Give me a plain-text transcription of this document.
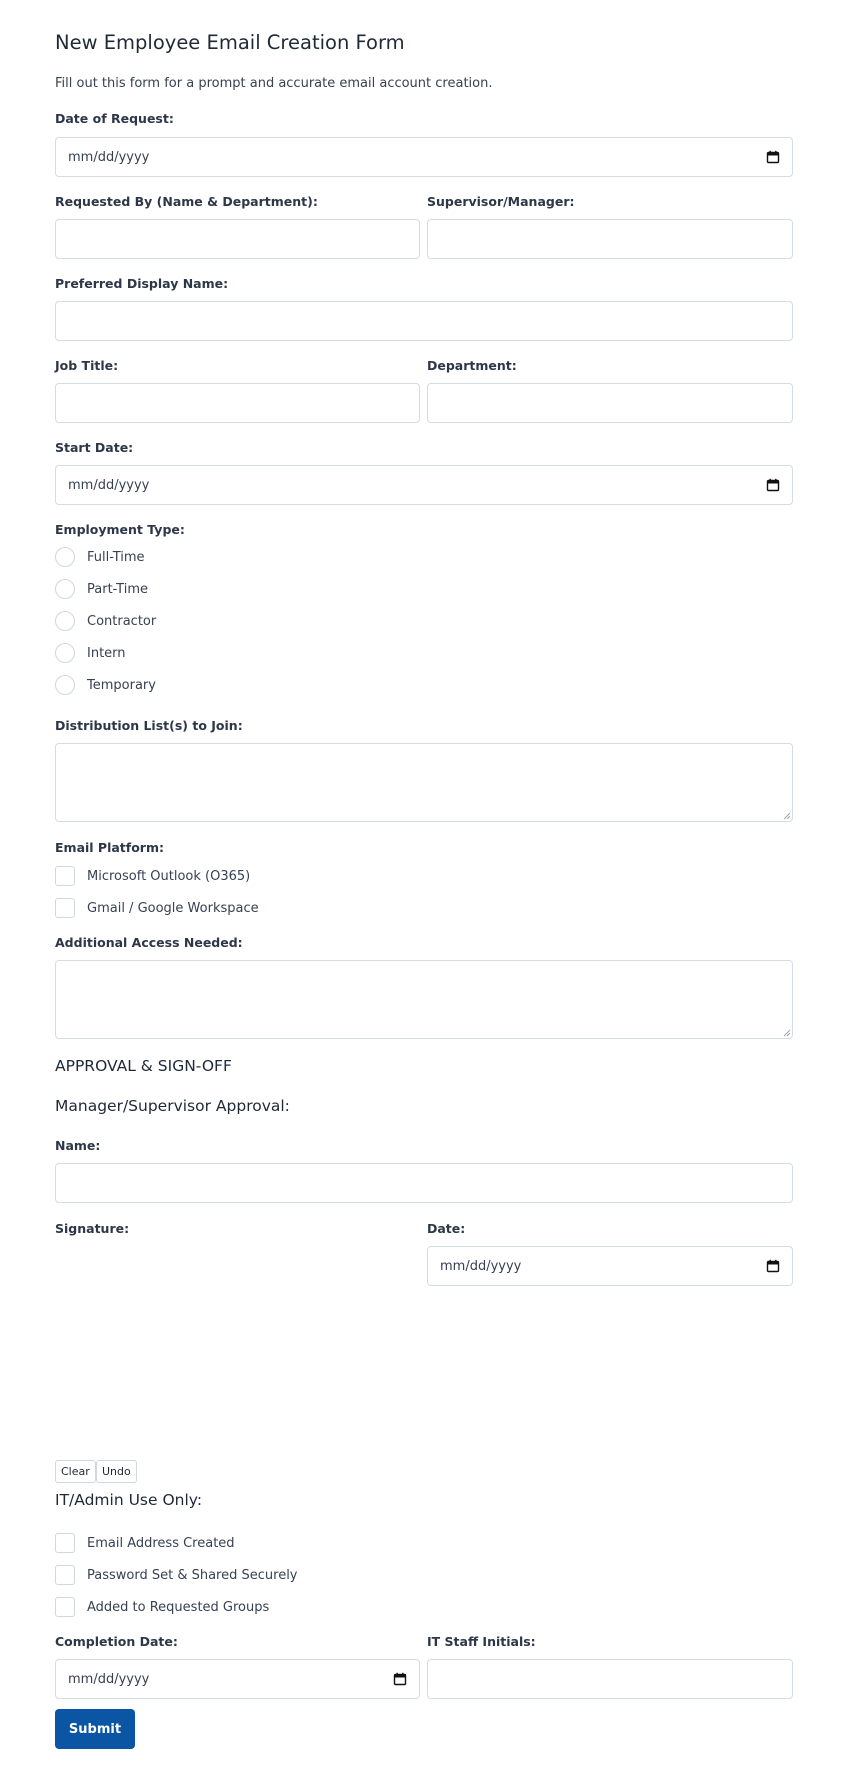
New Employee Email Creation Form
Fill out this form for a prompt and accurate email account creation.
Date of Request:
mm/dd/yyyy
Requested By (Name & Department):	Supervisor/Manager:
Preferred Display Name:
Job Title:	Department:
Start Date:
mm/dd/yyyy
Employment Type:
Full-Time
Part-Time
Contractor
Intern
Temporary
Distribution List(s) to Join:
Email Platform:
Microsoft Outlook (O365)
Gmail / Google Workspace
Additional Access Needed:
APPROVAL & SIGN-OFF
Manager/Supervisor Approval:
Name:
Signature:	Date:
mm/dd/yyyy
Clear	Undo
IT/Admin Use Only:
Email Address Created
Password Set & Shared Securely
Added to Requested Groups
Completion Date:
mm/dd/yyyy
IT Staff Initials:
Submit
